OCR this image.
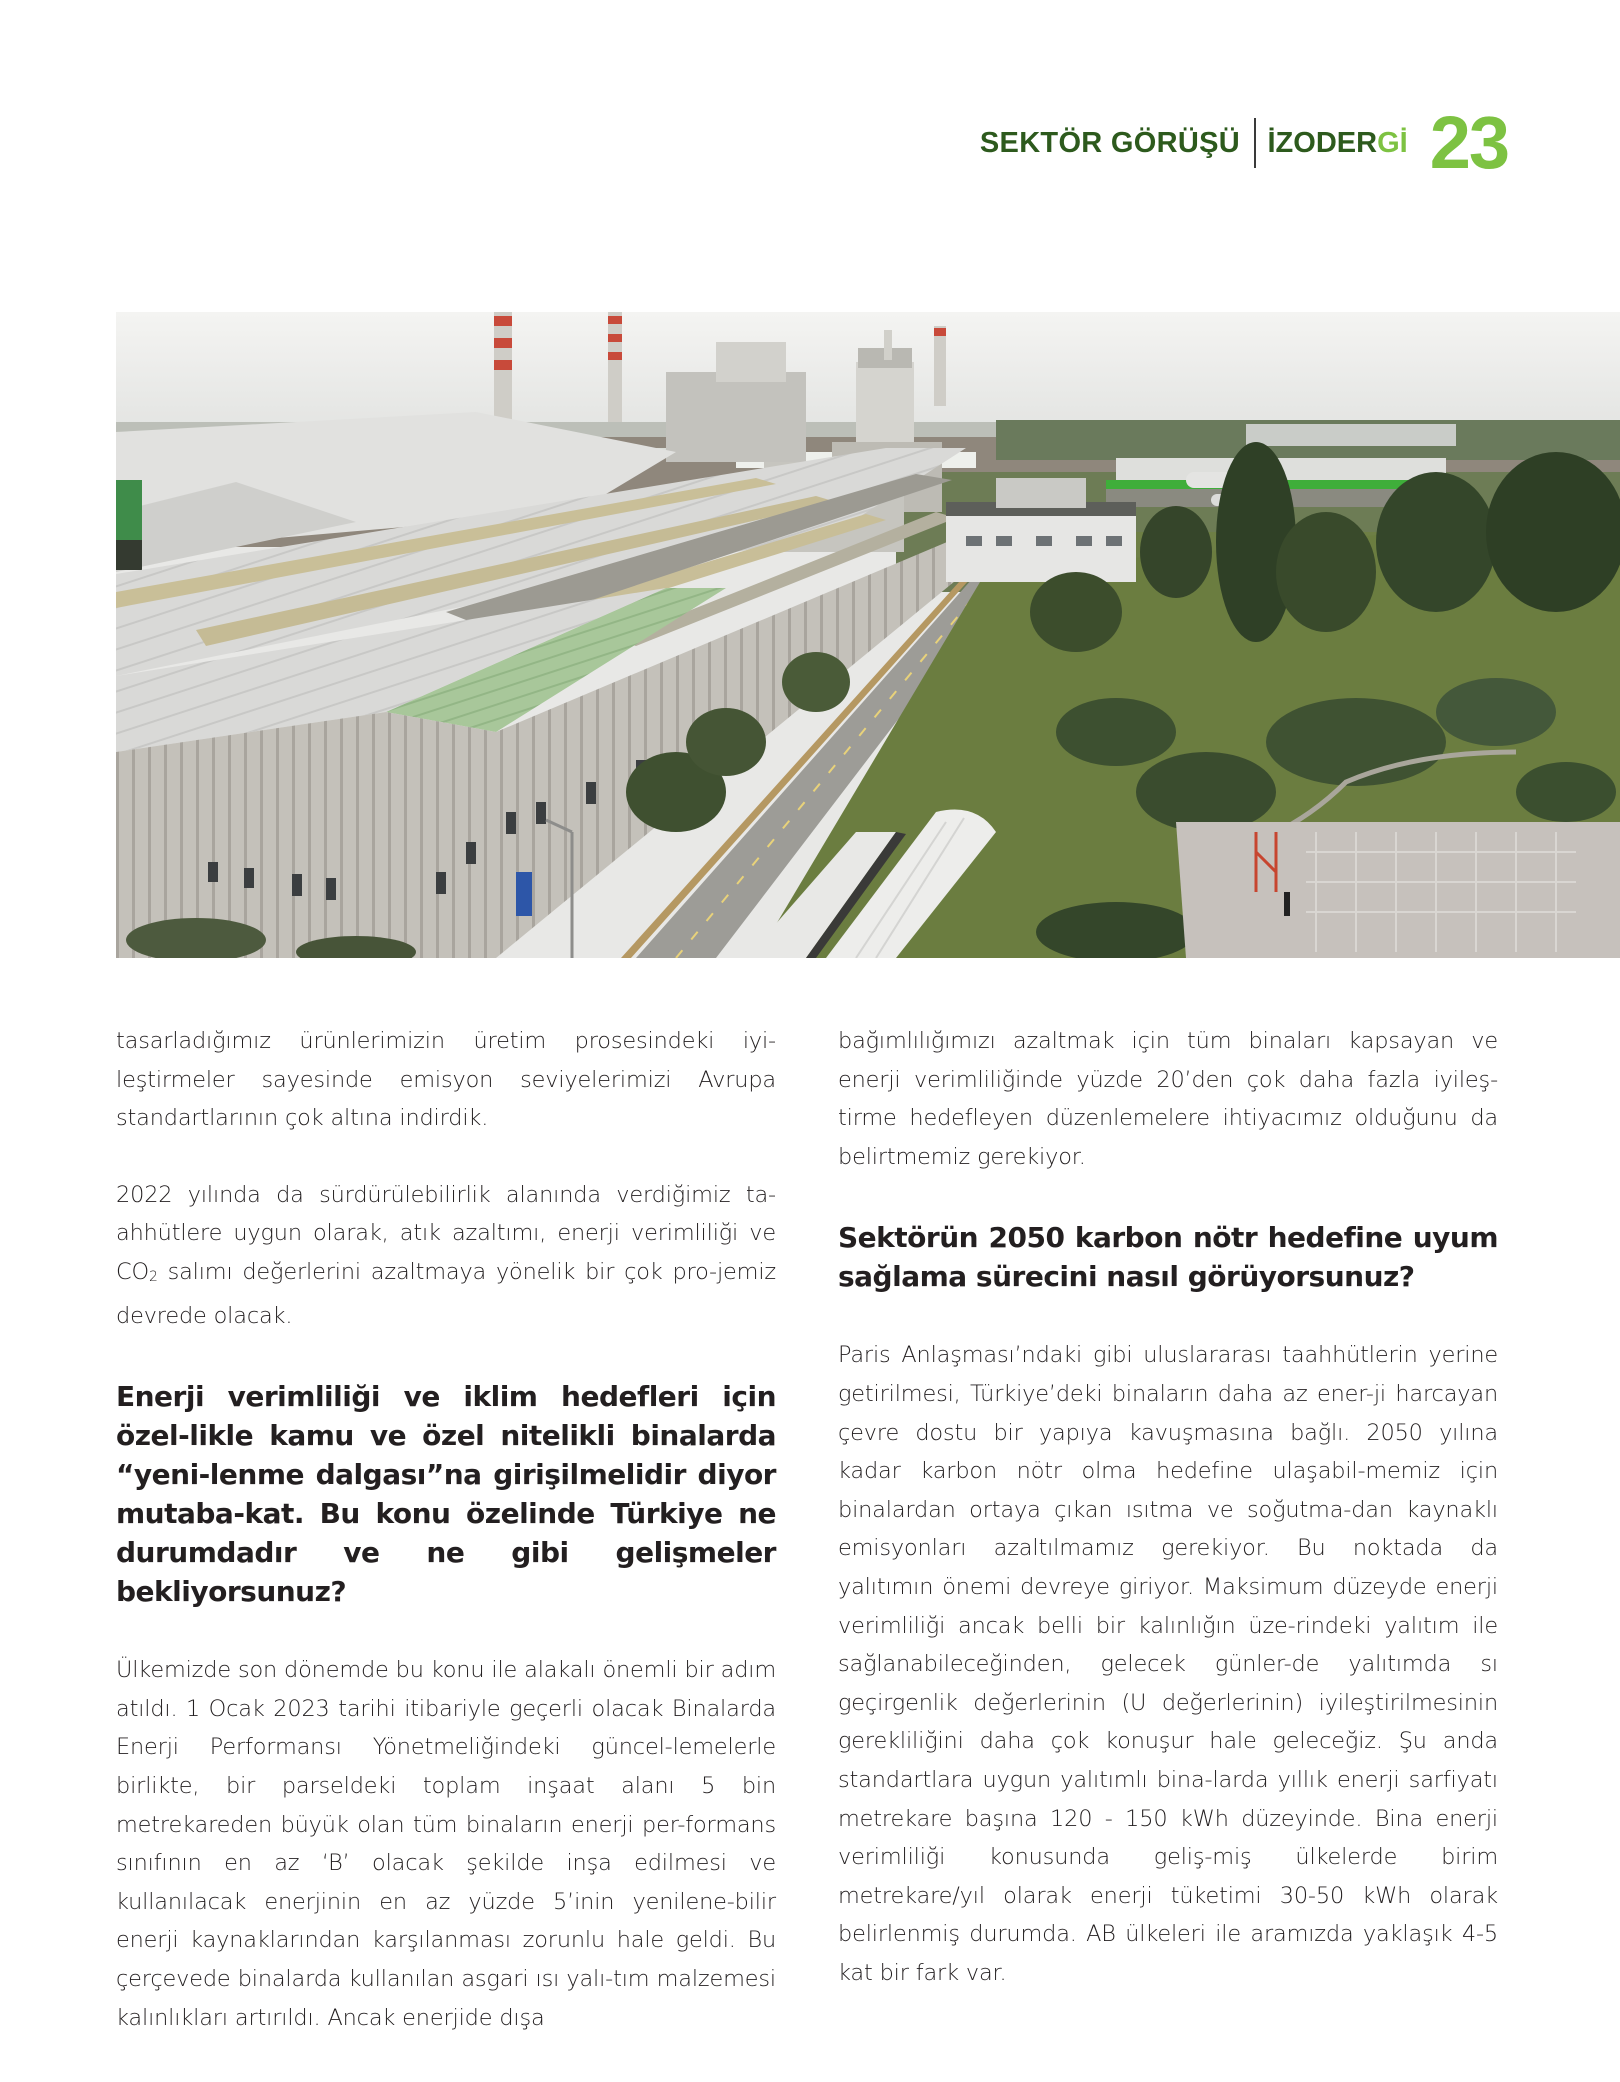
SEKTÖR GÖRÜŞÜ İZODERGİ 23

tasarladığımız ürünlerimizin üretim prosesindeki iyi-leştirmeler sayesinde emisyon seviyelerimizi Avrupa standartlarının çok altına indirdik.

2022 yılında da sürdürülebilirlik alanında verdiğimiz ta-ahhütlere uygun olarak, atık azaltımı, enerji verimliliği ve $CO_2$ salımı değerlerini azaltmaya yönelik bir çok pro-jemiz devrede olacak.

Enerji verimliliği ve iklim hedefleri için özel-likle kamu ve özel nitelikli binalarda “yeni-lenme dalgası”na girişilmelidir diyor mutaba-kat. Bu konu özelinde Türkiye ne durumdadır ve ne gibi gelişmeler bekliyorsunuz?

Ülkemizde son dönemde bu konu ile alakalı önemli bir adım atıldı. 1 Ocak 2023 tarihi itibariyle geçerli olacak Binalarda Enerji Performansı Yönetmeliğindeki güncel-lemelerle birlikte, bir parseldeki toplam inşaat alanı 5 bin metrekareden büyük olan tüm binaların enerji per-formans sınıfının en az ‘B’ olacak şekilde inşa edilmesi ve kullanılacak enerjinin en az yüzde 5’inin yenilene-bilir enerji kaynaklarından karşılanması zorunlu hale geldi. Bu çerçevede binalarda kullanılan asgari ısı yalı-tım malzemesi kalınlıkları artırıldı. Ancak enerjide dışa

bağımlılığımızı azaltmak için tüm binaları kapsayan ve enerji verimliliğinde yüzde 20’den çok daha fazla iyileş-tirme hedefleyen düzenlemelere ihtiyacımız olduğunu da belirtmemiz gerekiyor.

Sektörün 2050 karbon nötr hedefine uyum sağlama sürecini nasıl görüyorsunuz?

Paris Anlaşması’ndaki gibi uluslararası taahhütlerin yerine getirilmesi, Türkiye’deki binaların daha az ener-ji harcayan çevre dostu bir yapıya kavuşmasına bağlı. 2050 yılına kadar karbon nötr olma hedefine ulaşabil-memiz için binalardan ortaya çıkan ısıtma ve soğutma-dan kaynaklı emisyonları azaltılmamız gerekiyor. Bu noktada da yalıtımın önemi devreye giriyor. Maksimum düzeyde enerji verimliliği ancak belli bir kalınlığın üze-rindeki yalıtım ile sağlanabileceğinden, gelecek günler-de yalıtımda sı geçirgenlik değerlerinin (U değerlerinin) iyileştirilmesinin gerekliliğini daha çok konuşur hale geleceğiz. Şu anda standartlara uygun yalıtımlı bina-larda yıllık enerji sarfiyatı metrekare başına 120 - 150 kWh düzeyinde. Bina enerji verimliliği konusunda geliş-miş ülkelerde birim metrekare/yıl olarak enerji tüketimi 30-50 kWh olarak belirlenmiş durumda. AB ülkeleri ile aramızda yaklaşık 4-5 kat bir fark var.
